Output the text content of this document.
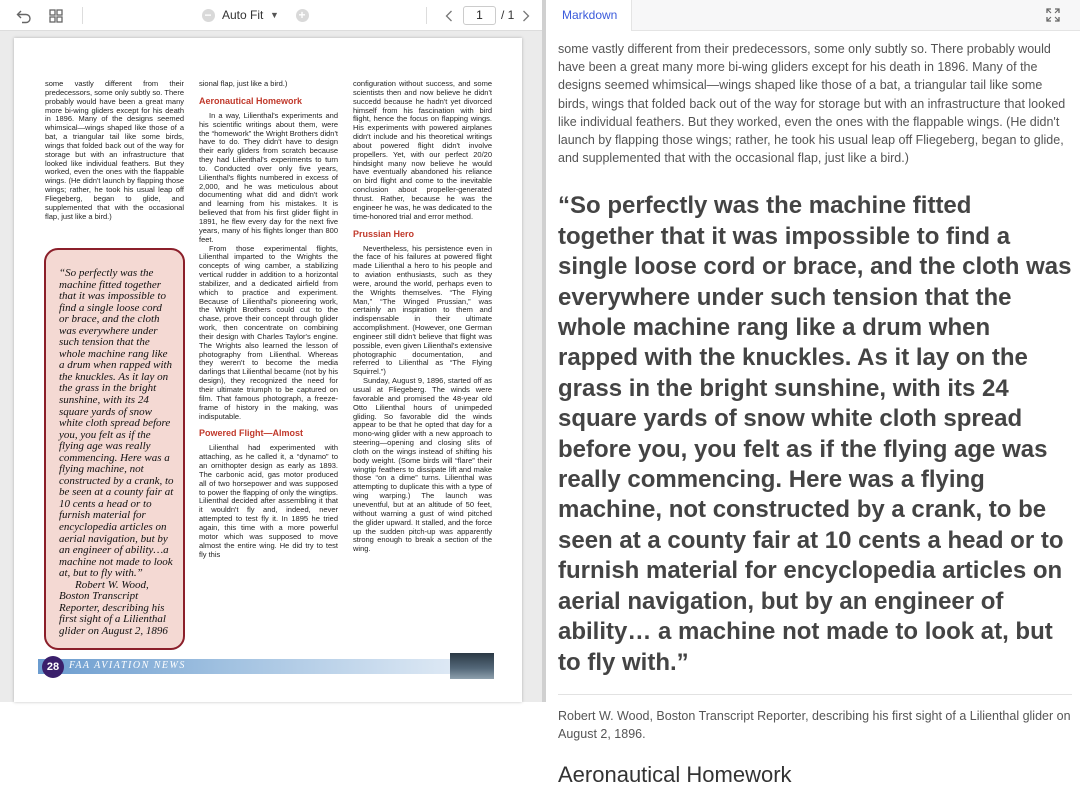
− Auto Fit ▼ +	1	/ 1

some vastly different from their predecessors, some only subtly so. There probably would have been a great many more bi-wing gliders except for his death in 1896. Many of the designs seemed whimsical—wings shaped like those of a bat, a triangular tail like some birds, wings that folded back out of the way for storage but with an infrastructure that looked like individual feathers. But they worked, even the ones with the flappable wings. (He didn't launch by flapping those wings; rather, he took his usual leap off Fliegeberg, began to glide, and supplemented that with the occasional flap, just like a bird.)

“So perfectly was the machine fitted together that it was impossible to find a single loose cord or brace, and the cloth was everywhere under such tension that the whole machine rang like a drum when rapped with the knuckles. As it lay on the grass in the bright sunshine, with its 24 square yards of snow white cloth spread before you, you felt as if the flying age was really commencing. Here was a flying machine, not constructed by a crank, to be seen at a county fair at 10 cents a head or to furnish material for encyclopedia articles on aerial navigation, but by an engineer of ability…a machine not made to look at, but to fly with.”
Robert W. Wood, Boston Transcript Reporter, describing his first sight of a Lilienthal glider on August 2, 1896

sional flap, just like a bird.)

Aeronautical Homework

In a way, Lilienthal's experiments and his scientific writings about them, were the “homework” the Wright Brothers didn't have to do. They didn't have to design their early gliders from scratch because they had Lilienthal's experiments to turn to. Conducted over only five years, Lilienthal's flights numbered in excess of 2,000, and he was meticulous about documenting what did and didn't work and learning from his mistakes. It is believed that from his first glider flight in 1891, he flew every day for the next five years, many of his flights longer than 800 feet.

From those experimental flights, Lilienthal imparted to the Wrights the concepts of wing camber, a stabilizing vertical rudder in addition to a horizontal stabilizer, and a dedicated airfield from which to practice and experiment. Because of Lilienthal's pioneering work, the Wright Brothers could cut to the chase, prove their concept through glider work, then concentrate on combining their design with Charles Taylor's engine. The Wrights also learned the lesson of photography from Lilienthal. Whereas they weren't to become the media darlings that Lilienthal became (not by his design), they recognized the need for their ultimate triumph to be captured on film. That famous photograph, a freeze-frame of history in the making, was indisputable.

Powered Flight—Almost

Lilienthal had experimented with attaching, as he called it, a “dynamo” to an ornithopter design as early as 1893. The carbonic acid, gas motor produced all of two horsepower and was supposed to power the flapping of only the wingtips. Lilienthal decided after assembling it that it wouldn't fly and, indeed, never attempted to test fly it. In 1895 he tried again, this time with a more powerful motor which was supposed to move almost the entire wing. He did try to test fly this

configuration without success, and some scientists then and now believe he didn't succedd because he hadn't yet divorced himself from his fascination with bird flight, hence the focus on flapping wings. His experiments with powered airplanes didn't include and his theoretical writings about powered flight didn't involve propellers. Yet, with our perfect 20/20 hindsight many now believe he would have eventually abandoned his reliance on bird flight and come to the inevitable conclusion about propeller-generated thrust. Rather, because he was the engineer he was, he was dedicated to the time-honored trial and error method.

Prussian Hero

Nevertheless, his persistence even in the face of his failures at powered flight made Lilienthal a hero to his people and to aviation enthusiasts, such as they were, around the world, perhaps even to the Wrights themselves. “The Flying Man,” “The Winged Prussian,” was certainly an inspiration to them and indispensable in their ultimate accomplishment. (However, one German engineer still didn't believe that flight was possible, even given Lilienthal's extensive photographic documentation, and referred to Lilienthal as “The Flying Squirrel.”)

Sunday, August 9, 1896, started off as usual at Fliegeberg. The winds were favorable and promised the 48-year old Otto Lilienthal hours of unimpeded gliding. So favorable did the winds appear to be that he opted that day for a mono-wing glider with a new approach to steering—opening and closing slits of cloth on the wings instead of shifting his body weight. (Some birds will “flare” their wingtip feathers to dissipate lift and make those “on a dime” turns. Lilienthal was attempting to duplicate this with a type of wing warping.) The launch was uneventful, but at an altitude of 50 feet, without warning a gust of wind pitched the glider upward. It stalled, and the force up the sudden pitch-up was apparently strong enough to break a section of the wing.

28 FAA AVIATION NEWS
Markdown

some vastly different from their predecessors, some only subtly so. There probably would have been a great many more bi-wing gliders except for his death in 1896. Many of the designs seemed whimsical—wings shaped like those of a bat, a triangular tail like some birds, wings that folded back out of the way for storage but with an infrastructure that looked like individual feathers. But they worked, even the ones with the flappable wings. (He didn't launch by flapping those wings; rather, he took his usual leap off Fliegeberg, began to glide, and supplemented that with the occasional flap, just like a bird.)

“So perfectly was the machine fitted together that it was impossible to find a single loose cord or brace, and the cloth was everywhere under such tension that the whole machine rang like a drum when rapped with the knuckles. As it lay on the grass in the bright sunshine, with its 24 square yards of snow white cloth spread before you, you felt as if the flying age was really commencing. Here was a flying machine, not constructed by a crank, to be seen at a county fair at 10 cents a head or to furnish material for encyclopedia articles on aerial navigation, but by an engineer of ability… a machine not made to look at, but to fly with.”

Robert W. Wood, Boston Transcript Reporter, describing his first sight of a Lilienthal glider on August 2, 1896.

Aeronautical Homework
